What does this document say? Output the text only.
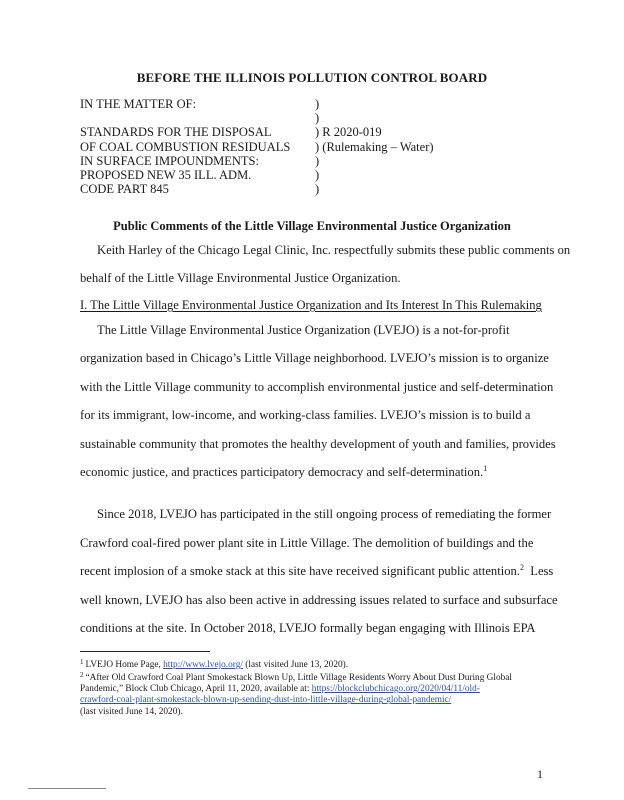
BEFORE THE ILLINOIS POLLUTION CONTROL BOARD
IN THE MATTER OF:	)
)
STANDARDS FOR THE DISPOSAL	) R 2020-019
OF COAL COMBUSTION RESIDUALS	) (Rulemaking – Water)
IN SURFACE IMPOUNDMENTS:	)
PROPOSED NEW 35 ILL. ADM.	)
CODE PART 845	)
Public Comments of the Little Village Environmental Justice Organization
Keith Harley of the Chicago Legal Clinic, Inc. respectfully submits these public comments on
behalf of the Little Village Environmental Justice Organization.
I. The Little Village Environmental Justice Organization and Its Interest In This Rulemaking
The Little Village Environmental Justice Organization (LVEJO) is a not-for-profit
organization based in Chicago’s Little Village neighborhood. LVEJO’s mission is to organize
with the Little Village community to accomplish environmental justice and self-determination
for its immigrant, low-income, and working-class families. LVEJO’s mission is to build a
sustainable community that promotes the healthy development of youth and families, provides
economic justice, and practices participatory democracy and self-determination.$^1$
Since 2018, LVEJO has participated in the still ongoing process of remediating the former
Crawford coal-fired power plant site in Little Village. The demolition of buildings and the
recent implosion of a smoke stack at this site have received significant public attention.$^2$  Less
well known, LVEJO has also been active in addressing issues related to surface and subsurface
conditions at the site. In October 2018, LVEJO formally began engaging with Illinois EPA
$^1$ LVEJO Home Page, http://www.lvejo.org/ (last visited June 13, 2020).
$^2$ “After Old Crawford Coal Plant Smokestack Blown Up, Little Village Residents Worry About Dust During Global
Pandemic,” Block Club Chicago, April 11, 2020, available at: https://blockclubchicago.org/2020/04/11/old-
crawford-coal-plant-smokestack-blown-up-sending-dust-into-little-village-during-global-pandemic/
(last visited June 14, 2020).
1
